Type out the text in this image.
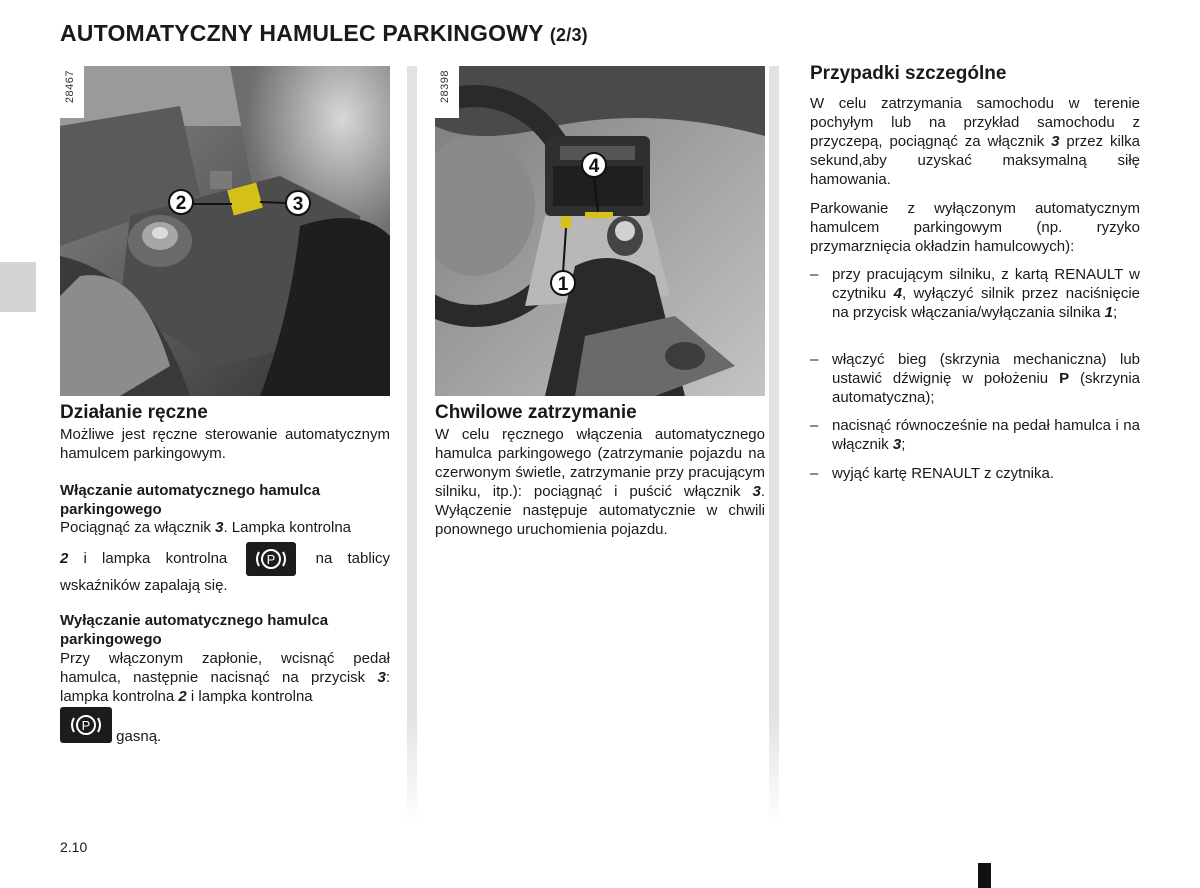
AUTOMATYCZNY HAMULEC PARKINGOWY (2/3)
2	3
28467
4
1
28398
Działanie ręczne
Możliwe jest ręczne sterowanie automatycznym hamulcem parkingowym.
Włączanie automatycznego hamulca parkingowego
Pociągnąć za włącznik 3. Lampka kontrolna
2 i lampka kontrolna	P	na tablicy wskaźników zapalają się.
Wyłączanie automatycznego hamulca parkingowego
Przy włączonym zapłonie, wcisnąć pedał hamulca, następnie nacisnąć na przycisk 3: lampka kontrolna 2 i lampka kontrolna
P
gasną.
Chwilowe zatrzymanie
W celu ręcznego włączenia automatycznego hamulca parkingowego (zatrzymanie pojazdu na czerwonym świetle, zatrzymanie przy pracującym silniku, itp.): pociągnąć i puścić włącznik 3. Wyłączenie następuje automatycznie w chwili ponownego uruchomienia pojazdu.
Przypadki szczególne
W celu zatrzymania samochodu w terenie pochyłym lub na przykład samochodu z przyczepą, pociągnąć za włącznik 3 przez kilka sekund,aby uzyskać maksymalną siłę hamowania.
Parkowanie z wyłączonym automatycznym hamulcem parkingowym (np. ryzyko przymarznięcia okładzin hamulcowych):
– przy pracującym silniku, z kartą RENAULT w czytniku 4, wyłączyć silnik przez naciśnięcie na przycisk włączania/wyłączania silnika 1;
– włączyć bieg (skrzynia mechaniczna) lub ustawić dźwignię w położeniu P (skrzynia automatyczna);
– nacisnąć równocześnie na pedał hamulca i na włącznik 3;
– wyjąć kartę RENAULT z czytnika.
2.10
